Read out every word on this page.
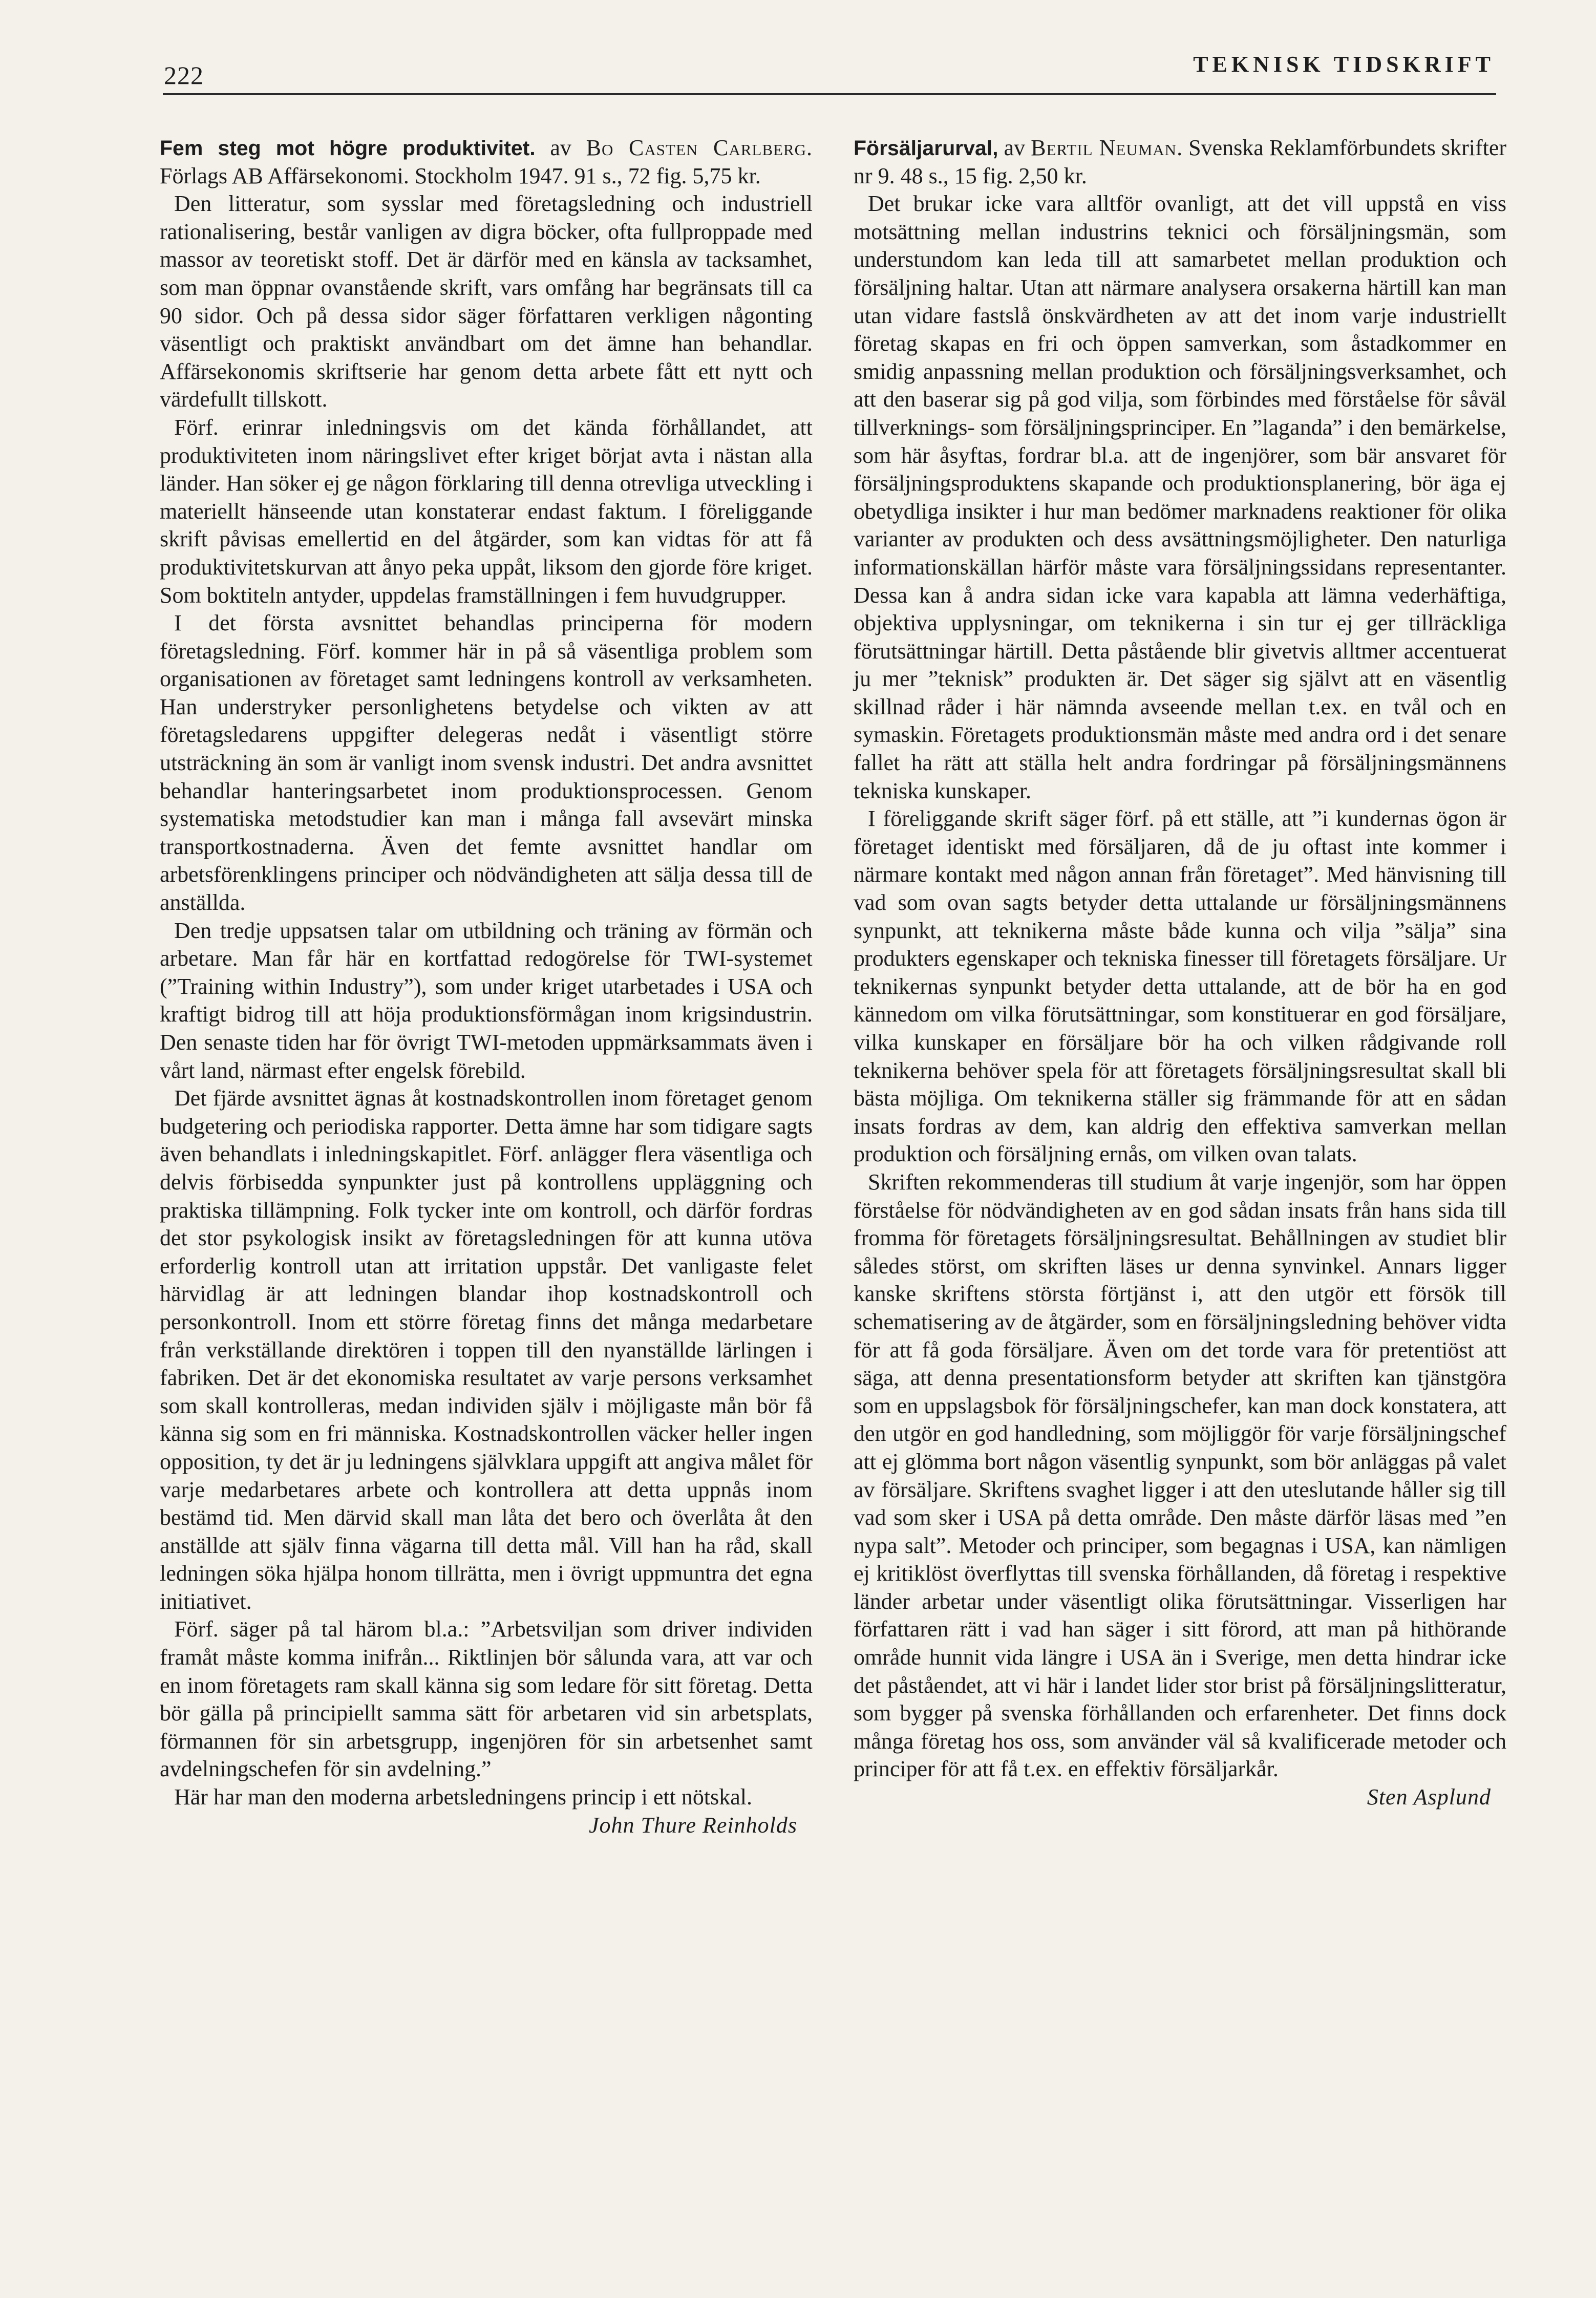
222	TEKNISK TIDSKRIFT

Fem steg mot högre produktivitet. av Bo Casten Carlberg. Förlags AB Affärsekonomi. Stockholm 1947. 91 s., 72 fig. 5,75 kr.

Den litteratur, som sysslar med företagsledning och industriell rationalisering, består vanligen av digra böcker, ofta fullproppade med massor av teoretiskt stoff. Det är därför med en känsla av tacksamhet, som man öppnar ovanstående skrift, vars omfång har begränsats till ca 90 sidor. Och på dessa sidor säger författaren verkligen någonting väsentligt och praktiskt användbart om det ämne han behandlar. Affärsekonomis skriftserie har genom detta arbete fått ett nytt och värdefullt tillskott.

Förf. erinrar inledningsvis om det kända förhållandet, att produktiviteten inom näringslivet efter kriget börjat avta i nästan alla länder. Han söker ej ge någon förklaring till denna otrevliga utveckling i materiellt hänseende utan konstaterar endast faktum. I föreliggande skrift påvisas emellertid en del åtgärder, som kan vidtas för att få produktivitetskurvan att ånyo peka uppåt, liksom den gjorde före kriget. Som boktiteln antyder, uppdelas framställningen i fem huvudgrupper.

I det första avsnittet behandlas principerna för modern företagsledning. Förf. kommer här in på så väsentliga problem som organisationen av företaget samt ledningens kontroll av verksamheten. Han understryker personlighetens betydelse och vikten av att företagsledarens uppgifter delegeras nedåt i väsentligt större utsträckning än som är vanligt inom svensk industri. Det andra avsnittet behandlar hanteringsarbetet inom produktionsprocessen. Genom systematiska metodstudier kan man i många fall avsevärt minska transportkostnaderna. Även det femte avsnittet handlar om arbetsförenklingens principer och nödvändigheten att sälja dessa till de anställda.

Den tredje uppsatsen talar om utbildning och träning av förmän och arbetare. Man får här en kortfattad redogörelse för TWI-systemet (”Training within Industry”), som under kriget utarbetades i USA och kraftigt bidrog till att höja produktionsförmågan inom krigsindustrin. Den senaste tiden har för övrigt TWI-metoden uppmärksammats även i vårt land, närmast efter engelsk förebild.

Det fjärde avsnittet ägnas åt kostnadskontrollen inom företaget genom budgetering och periodiska rapporter. Detta ämne har som tidigare sagts även behandlats i inledningskapitlet. Förf. anlägger flera väsentliga och delvis förbisedda synpunkter just på kontrollens uppläggning och praktiska tillämpning. Folk tycker inte om kontroll, och därför fordras det stor psykologisk insikt av företagsledningen för att kunna utöva erforderlig kontroll utan att irritation uppstår. Det vanligaste felet härvidlag är att ledningen blandar ihop kostnadskontroll och personkontroll. Inom ett större företag finns det många medarbetare från verkställande direktören i toppen till den nyanställde lärlingen i fabriken. Det är det ekonomiska resultatet av varje persons verksamhet som skall kontrolleras, medan individen själv i möjligaste mån bör få känna sig som en fri människa. Kostnadskontrollen väcker heller ingen opposition, ty det är ju ledningens självklara uppgift att angiva målet för varje medarbetares arbete och kontrollera att detta uppnås inom bestämd tid. Men därvid skall man låta det bero och överlåta åt den anställde att själv finna vägarna till detta mål. Vill han ha råd, skall ledningen söka hjälpa honom tillrätta, men i övrigt uppmuntra det egna initiativet.

Förf. säger på tal härom bl.a.: ”Arbetsviljan som driver individen framåt måste komma inifrån... Riktlinjen bör sålunda vara, att var och en inom företagets ram skall känna sig som ledare för sitt företag. Detta bör gälla på principiellt samma sätt för arbetaren vid sin arbetsplats, förmannen för sin arbetsgrupp, ingenjören för sin arbetsenhet samt avdelningschefen för sin avdelning.”

Här har man den moderna arbetsledningens princip i ett nötskal.

John Thure Reinholds

Försäljarurval, av Bertil Neuman. Svenska Reklamförbundets skrifter nr 9. 48 s., 15 fig. 2,50 kr.

Det brukar icke vara alltför ovanligt, att det vill uppstå en viss motsättning mellan industrins teknici och försäljningsmän, som understundom kan leda till att samarbetet mellan produktion och försäljning haltar. Utan att närmare analysera orsakerna härtill kan man utan vidare fastslå önskvärdheten av att det inom varje industriellt företag skapas en fri och öppen samverkan, som åstadkommer en smidig anpassning mellan produktion och försäljningsverksamhet, och att den baserar sig på god vilja, som förbindes med förståelse för såväl tillverknings- som försäljningsprinciper. En ”laganda” i den bemärkelse, som här åsyftas, fordrar bl.a. att de ingenjörer, som bär ansvaret för försäljningsproduktens skapande och produktionsplanering, bör äga ej obetydliga insikter i hur man bedömer marknadens reaktioner för olika varianter av produkten och dess avsättningsmöjligheter. Den naturliga informationskällan härför måste vara försäljningssidans representanter. Dessa kan å andra sidan icke vara kapabla att lämna vederhäftiga, objektiva upplysningar, om teknikerna i sin tur ej ger tillräckliga förutsättningar härtill. Detta påstående blir givetvis alltmer accentuerat ju mer ”teknisk” produkten är. Det säger sig självt att en väsentlig skillnad råder i här nämnda avseende mellan t.ex. en tvål och en symaskin. Företagets produktionsmän måste med andra ord i det senare fallet ha rätt att ställa helt andra fordringar på försäljningsmännens tekniska kunskaper.

I föreliggande skrift säger förf. på ett ställe, att ”i kundernas ögon är företaget identiskt med försäljaren, då de ju oftast inte kommer i närmare kontakt med någon annan från företaget”. Med hänvisning till vad som ovan sagts betyder detta uttalande ur försäljningsmännens synpunkt, att teknikerna måste både kunna och vilja ”sälja” sina produkters egenskaper och tekniska finesser till företagets försäljare. Ur teknikernas synpunkt betyder detta uttalande, att de bör ha en god kännedom om vilka förutsättningar, som konstituerar en god försäljare, vilka kunskaper en försäljare bör ha och vilken rådgivande roll teknikerna behöver spela för att företagets försäljningsresultat skall bli bästa möjliga. Om teknikerna ställer sig främmande för att en sådan insats fordras av dem, kan aldrig den effektiva samverkan mellan produktion och försäljning ernås, om vilken ovan talats.

Skriften rekommenderas till studium åt varje ingenjör, som har öppen förståelse för nödvändigheten av en god sådan insats från hans sida till fromma för företagets försäljningsresultat. Behållningen av studiet blir således störst, om skriften läses ur denna synvinkel. Annars ligger kanske skriftens största förtjänst i, att den utgör ett försök till schematisering av de åtgärder, som en försäljningsledning behöver vidta för att få goda försäljare. Även om det torde vara för pretentiöst att säga, att denna presentationsform betyder att skriften kan tjänstgöra som en uppslagsbok för försäljningschefer, kan man dock konstatera, att den utgör en god handledning, som möjliggör för varje försäljningschef att ej glömma bort någon väsentlig synpunkt, som bör anläggas på valet av försäljare. Skriftens svaghet ligger i att den uteslutande håller sig till vad som sker i USA på detta område. Den måste därför läsas med ”en nypa salt”. Metoder och principer, som begagnas i USA, kan nämligen ej kritiklöst överflyttas till svenska förhållanden, då företag i respektive länder arbetar under väsentligt olika förutsättningar. Visserligen har författaren rätt i vad han säger i sitt förord, att man på hithörande område hunnit vida längre i USA än i Sverige, men detta hindrar icke det påståendet, att vi här i landet lider stor brist på försäljningslitteratur, som bygger på svenska förhållanden och erfarenheter. Det finns dock många företag hos oss, som använder väl så kvalificerade metoder och principer för att få t.ex. en effektiv försäljarkår.

Sten Asplund
